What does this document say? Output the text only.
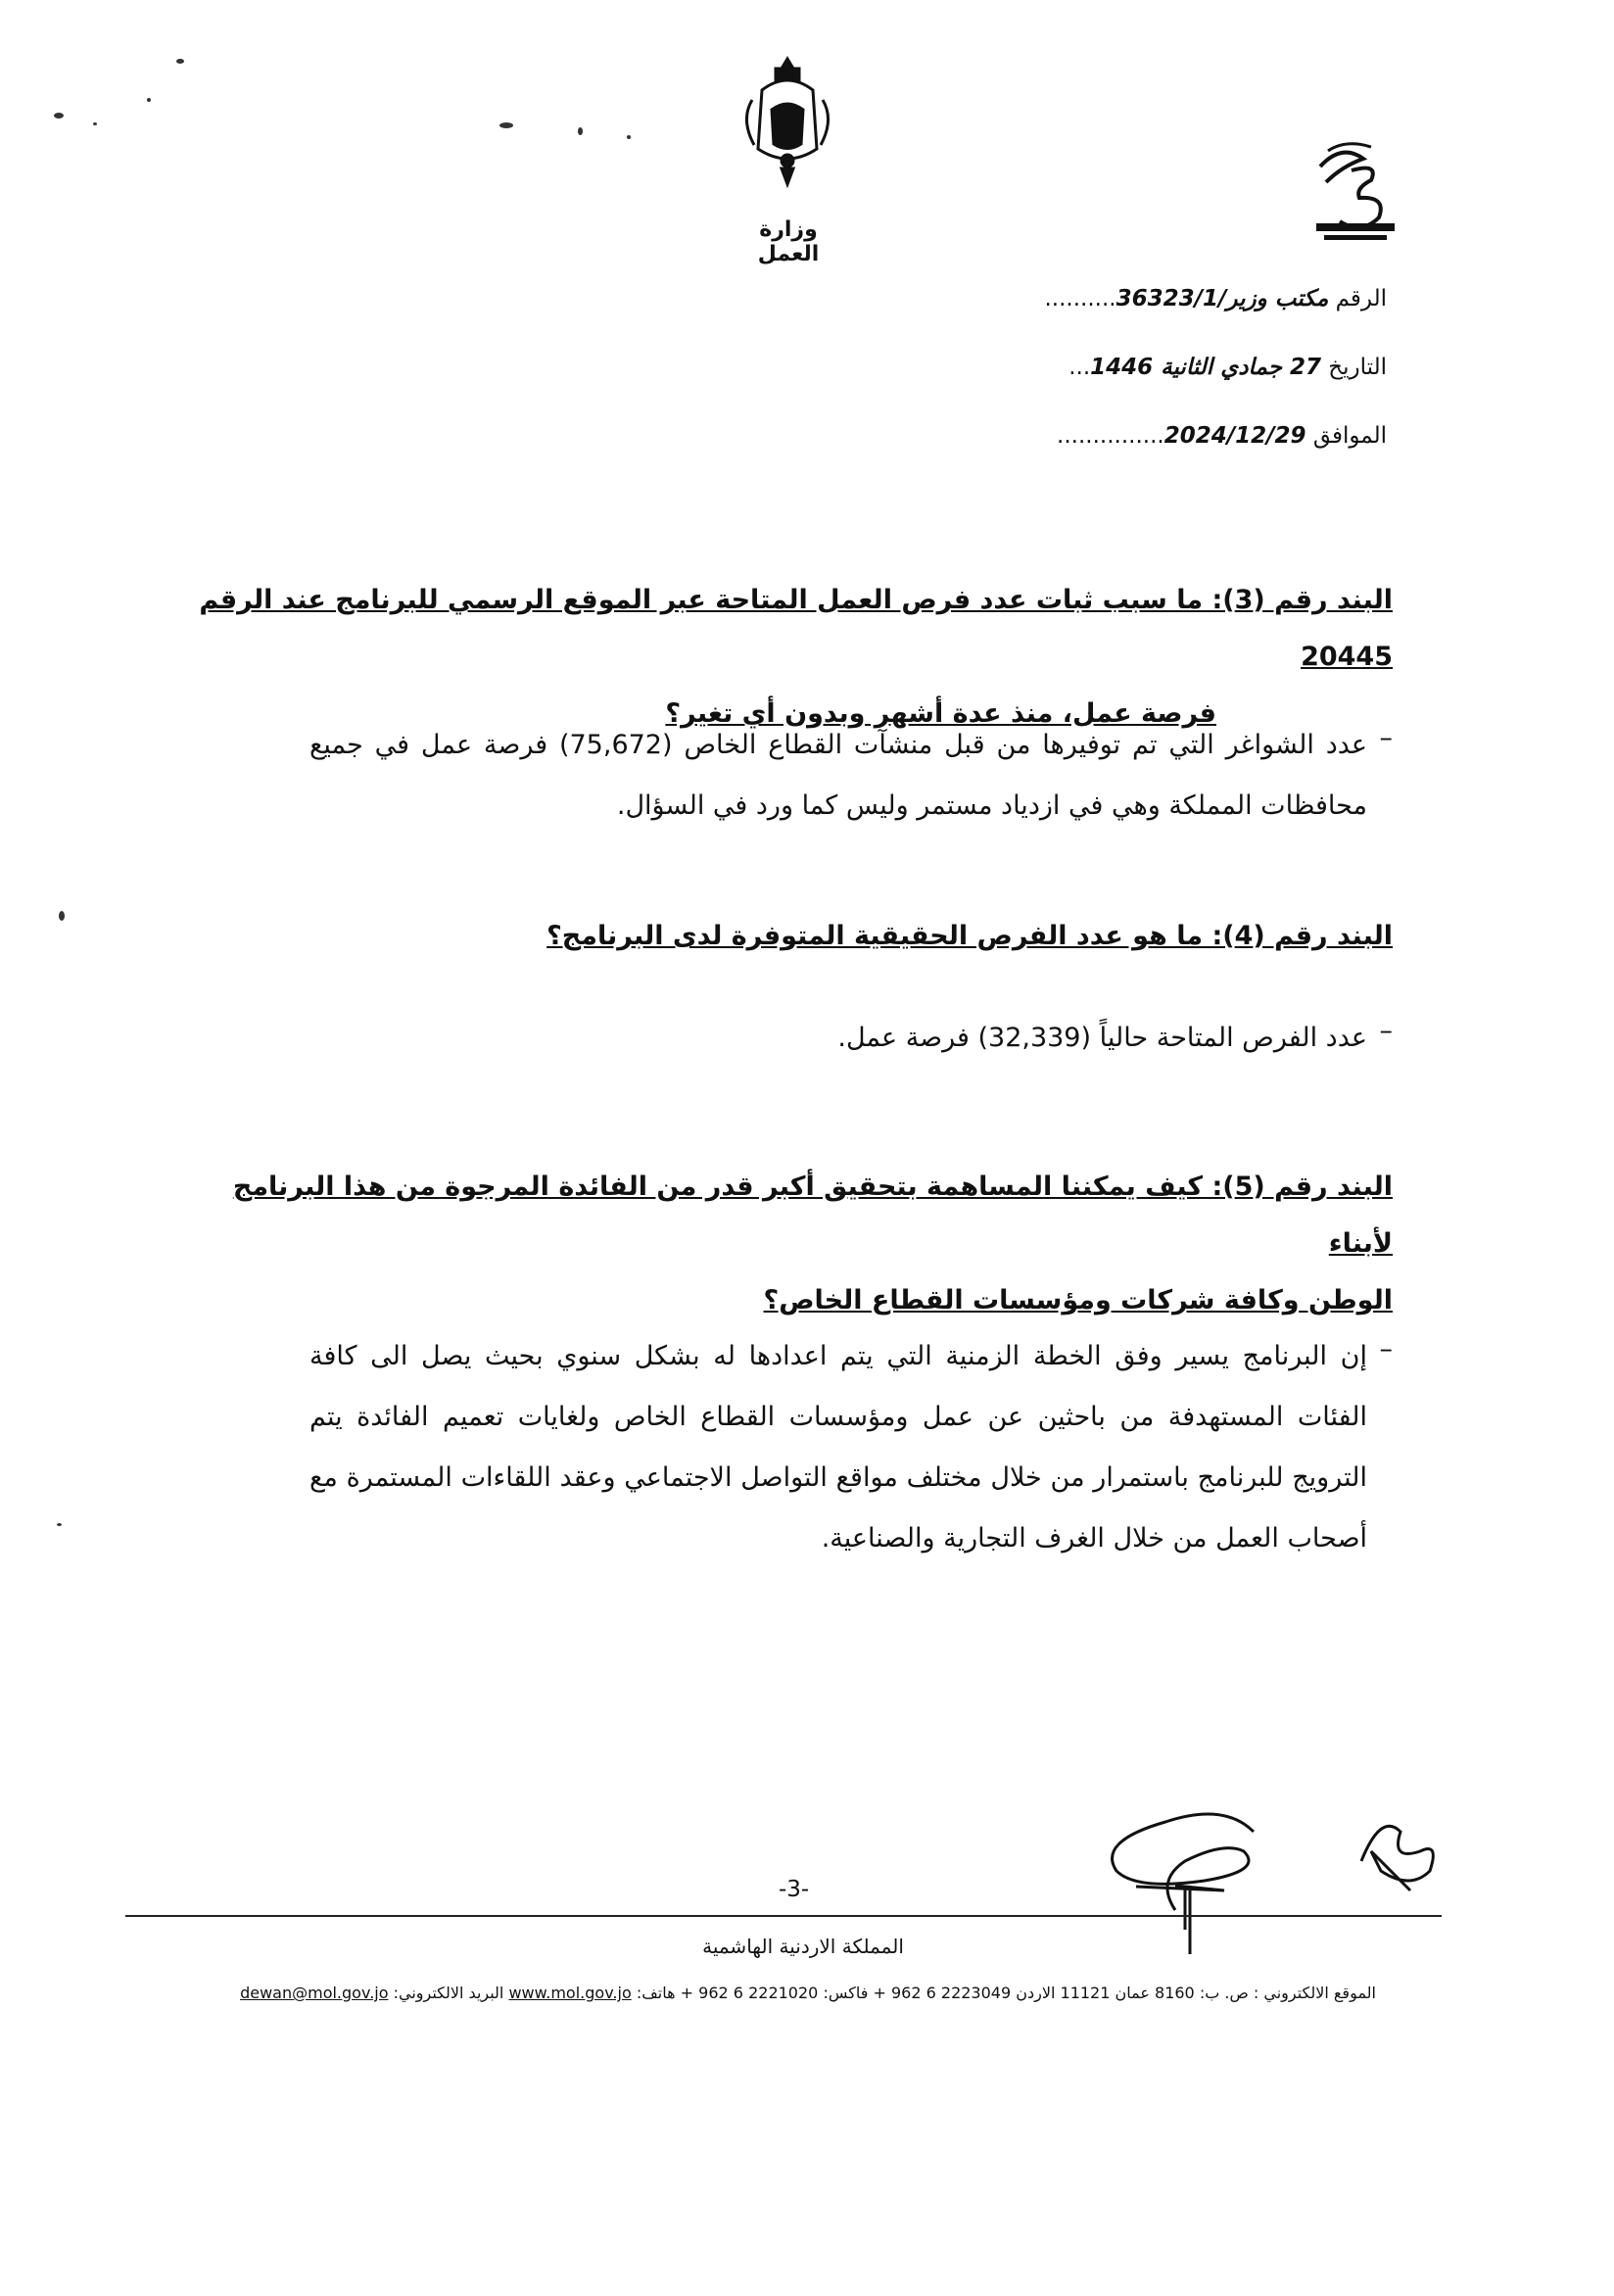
وزارة العمل
الرقم مكتب وزير/36323/1..........
التاريخ 27 جمادي الثانية 1446...
الموافق 2024/12/29...............
البند رقم (3): ما سبب ثبات عدد فرص العمل المتاحة عبر الموقع الرسمي للبرنامج عند الرقم 20445
فرصة عمل، منذ عدة أشهر وبدون أي تغير؟
–
عدد الشواغر التي تم توفيرها من قبل منشآت القطاع الخاص (75,672) فرصة عمل في جميع محافظات المملكة وهي في ازدياد مستمر وليس كما ورد في السؤال.
البند رقم (4): ما هو عدد الفرص الحقيقية المتوفرة لدى البرنامج؟
–
عدد الفرص المتاحة حالياً (32,339) فرصة عمل.
البند رقم (5): كيف يمكننا المساهمة بتحقيق أكبر قدر من الفائدة المرجوة من هذا البرنامج لأبناء
الوطن وكافة شركات ومؤسسات القطاع الخاص؟
–
إن البرنامج يسير وفق الخطة الزمنية التي يتم اعدادها له بشكل سنوي بحيث يصل الى كافة الفئات المستهدفة من باحثين عن عمل ومؤسسات القطاع الخاص ولغايات تعميم الفائدة يتم الترويج للبرنامج باستمرار من خلال مختلف مواقع التواصل الاجتماعي وعقد اللقاءات المستمرة مع أصحاب العمل من خلال الغرف التجارية والصناعية.
-3-
المملكة الاردنية الهاشمية
dewan@mol.gov.jo البريد الالكتروني: www.mol.gov.jo	الموقع الالكتروني : ص. ب: 8160 عمان 11121 الاردن 2223049 6 962 + فاكس: 2221020 6 962 + هاتف:
